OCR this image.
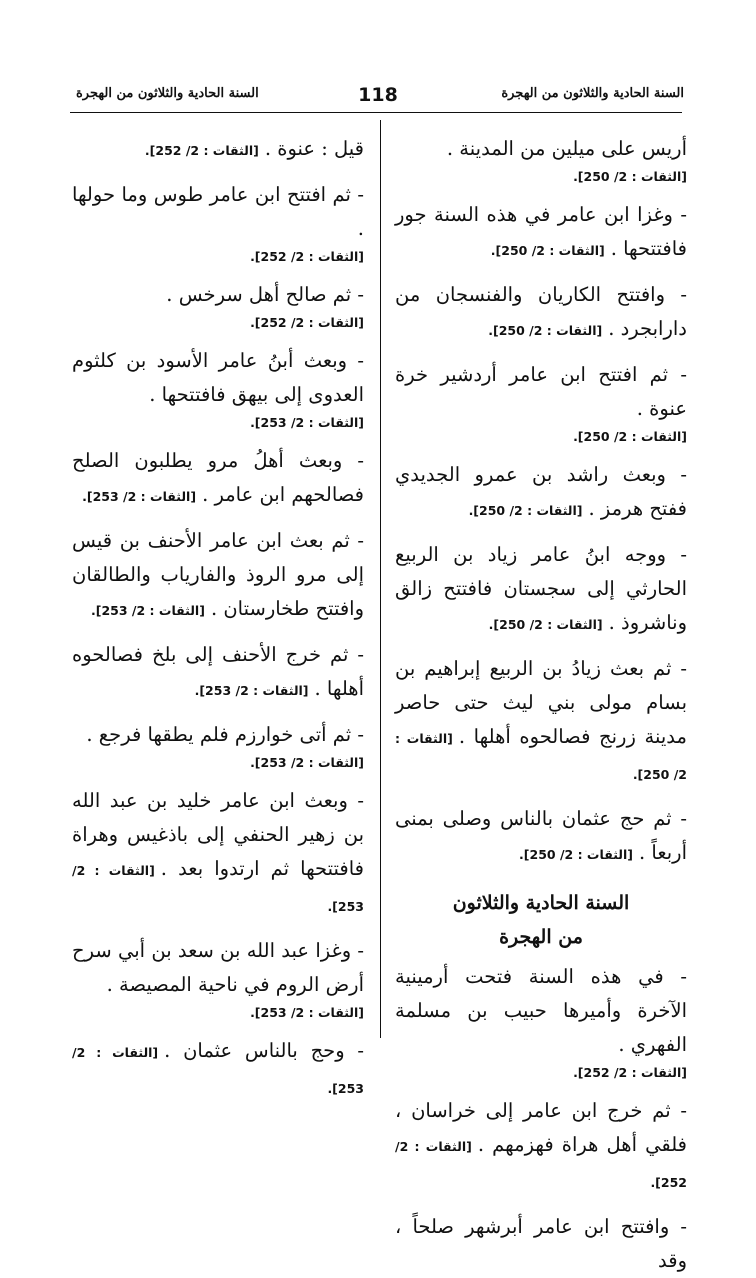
السنة الحادية والثلاثون من الهجرة
118
السنة الحادية والثلاثون من الهجرة
أريس على ميلين من المدينة .
[الثقات : 2/ 250].
- وغزا ابن عامر في هذه السنة جور فافتتحها .[الثقات : 2/ 250].
- وافتتح الكاريان والفنسجان من دارابجرد .[الثقات : 2/ 250].
- ثم افتتح ابن عامر أردشير خرة عنوة .
[الثقات : 2/ 250].
- وبعث راشد بن عمرو الجديدي ففتح هرمز .[الثقات : 2/ 250].
- ووجه ابنُ عامر زياد بن الربيع الحارثي إلى سجستان فافتتح زالق وناشروذ .[الثقات : 2/ 250].
- ثم بعث زيادُ بن الربيع إبراهيم بن بسام مولى بني ليث حتى حاصر مدينة زرنج فصالحوه أهلها .[الثقات : 2/ 250].
- ثم حج عثمان بالناس وصلى بمنى أربعاً .[الثقات : 2/ 250].
السنة الحادية والثلاثون
من الهجرة
- في هذه السنة فتحت أرمينية الآخرة وأميرها حبيب بن مسلمة الفهري .
[الثقات : 2/ 252].
- ثم خرج ابن عامر إلى خراسان ، فلقي أهل هراة فهزمهم .[الثقات : 2/ 252].
- وافتتح ابن عامر أبرشهر صلحاً ، وقد
قيل : عنوة .[الثقات : 2/ 252].
- ثم افتتح ابن عامر طوس وما حولها .
[الثقات : 2/ 252].
- ثم صالح أهل سرخس .
[الثقات : 2/ 252].
- وبعث أبنُ عامر الأسود بن كلثوم العدوى إلى بيهق فافتتحها .
[الثقات : 2/ 253].
- وبعث أهلُ مرو يطلبون الصلح فصالحهم ابن عامر .[الثقات : 2/ 253].
- ثم بعث ابن عامر الأحنف بن قيس إلى مرو الروذ والفارياب والطالقان وافتتح طخارستان .[الثقات : 2/ 253].
- ثم خرج الأحنف إلى بلخ فصالحوه أهلها .[الثقات : 2/ 253].
- ثم أتى خوارزم فلم يطقها فرجع .
[الثقات : 2/ 253].
- وبعث ابن عامر خليد بن عبد الله بن زهير الحنفي إلى باذغيس وهراة فافتتحها ثم ارتدوا بعد .[الثقات : 2/ 253].
- وغزا عبد الله بن سعد بن أبي سرح أرض الروم في ناحية المصيصة .
[الثقات : 2/ 253].
- وحج بالناس عثمان .[الثقات : 2/ 253].
